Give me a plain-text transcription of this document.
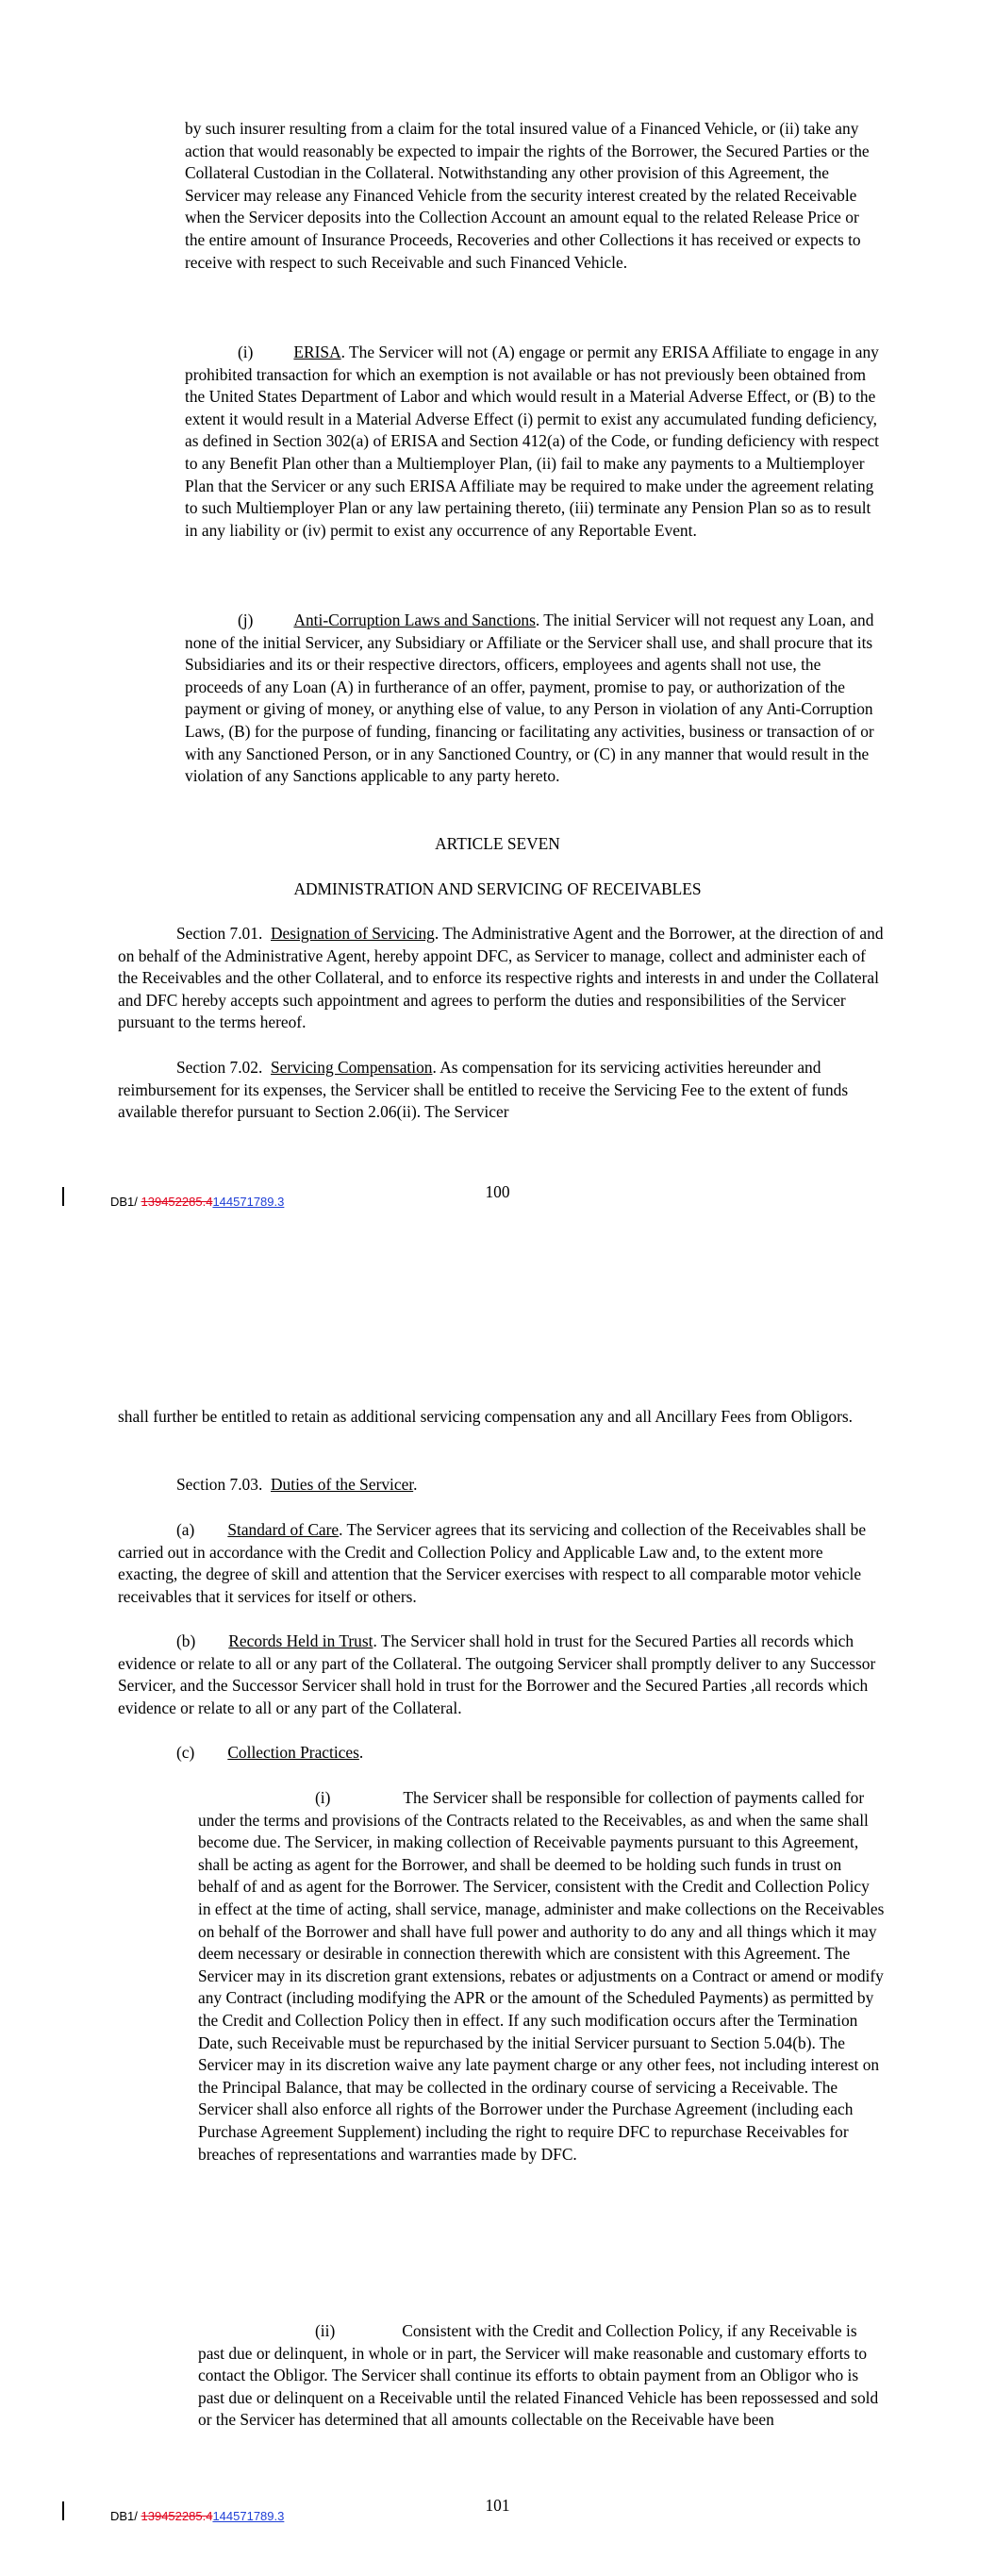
by such insurer resulting from a claim for the total insured value of a Financed Vehicle, or (ii) take any action that would reasonably be expected to impair the rights of the Borrower, the Secured Parties or the Collateral Custodian in the Collateral. Notwithstanding any other provision of this Agreement, the Servicer may release any Financed Vehicle from the security interest created by the related Receivable when the Servicer deposits into the Collection Account an amount equal to the related Release Price or the entire amount of Insurance Proceeds, Recoveries and other Collections it has received or expects to receive with respect to such Receivable and such Financed Vehicle.

(i) ERISA. The Servicer will not (A) engage or permit any ERISA Affiliate to engage in any prohibited transaction for which an exemption is not available or has not previously been obtained from the United States Department of Labor and which would result in a Material Adverse Effect, or (B) to the extent it would result in a Material Adverse Effect (i) permit to exist any accumulated funding deficiency, as defined in Section 302(a) of ERISA and Section 412(a) of the Code, or funding deficiency with respect to any Benefit Plan other than a Multiemployer Plan, (ii) fail to make any payments to a Multiemployer Plan that the Servicer or any such ERISA Affiliate may be required to make under the agreement relating to such Multiemployer Plan or any law pertaining thereto, (iii) terminate any Pension Plan so as to result in any liability or (iv) permit to exist any occurrence of any Reportable Event.

(j) Anti-Corruption Laws and Sanctions. The initial Servicer will not request any Loan, and none of the initial Servicer, any Subsidiary or Affiliate or the Servicer shall use, and shall procure that its Subsidiaries and its or their respective directors, officers, employees and agents shall not use, the proceeds of any Loan (A) in furtherance of an offer, payment, promise to pay, or authorization of the payment or giving of money, or anything else of value, to any Person in violation of any Anti-Corruption Laws, (B) for the purpose of funding, financing or facilitating any activities, business or transaction of or with any Sanctioned Person, or in any Sanctioned Country, or (C) in any manner that would result in the violation of any Sanctions applicable to any party hereto.

ARTICLE SEVEN

ADMINISTRATION AND SERVICING OF RECEIVABLES

Section 7.01. Designation of Servicing. The Administrative Agent and the Borrower, at the direction of and on behalf of the Administrative Agent, hereby appoint DFC, as Servicer to manage, collect and administer each of the Receivables and the other Collateral, and to enforce its respective rights and interests in and under the Collateral and DFC hereby accepts such appointment and agrees to perform the duties and responsibilities of the Servicer pursuant to the terms hereof.

Section 7.02. Servicing Compensation. As compensation for its servicing activities hereunder and reimbursement for its expenses, the Servicer shall be entitled to receive the Servicing Fee to the extent of funds available therefor pursuant to Section 2.06(ii). The Servicer

100
DB1/ 139452285.4144571789.3

shall further be entitled to retain as additional servicing compensation any and all Ancillary Fees from Obligors.

Section 7.03. Duties of the Servicer.

(a) Standard of Care. The Servicer agrees that its servicing and collection of the Receivables shall be carried out in accordance with the Credit and Collection Policy and Applicable Law and, to the extent more exacting, the degree of skill and attention that the Servicer exercises with respect to all comparable motor vehicle receivables that it services for itself or others.

(b) Records Held in Trust. The Servicer shall hold in trust for the Secured Parties all records which evidence or relate to all or any part of the Collateral. The outgoing Servicer shall promptly deliver to any Successor Servicer, and the Successor Servicer shall hold in trust for the Borrower and the Secured Parties ,all records which evidence or relate to all or any part of the Collateral.

(c) Collection Practices.

(i)	The Servicer shall be responsible for collection of payments called for under the terms and provisions of the Contracts related to the Receivables, as and when the same shall become due. The Servicer, in making collection of Receivable payments pursuant to this Agreement, shall be acting as agent for the Borrower, and shall be deemed to be holding such funds in trust on behalf of and as agent for the Borrower. The Servicer, consistent with the Credit and Collection Policy in effect at the time of acting, shall service, manage, administer and make collections on the Receivables on behalf of the Borrower and shall have full power and authority to do any and all things which it may deem necessary or desirable in connection therewith which are consistent with this Agreement. The Servicer may in its discretion grant extensions, rebates or adjustments on a Contract or amend or modify any Contract (including modifying the APR or the amount of the Scheduled Payments) as permitted by the Credit and Collection Policy then in effect. If any such modification occurs after the Termination Date, such Receivable must be repurchased by the initial Servicer pursuant to Section 5.04(b). The Servicer may in its discretion waive any late payment charge or any other fees, not including interest on the Principal Balance, that may be collected in the ordinary course of servicing a Receivable. The Servicer shall also enforce all rights of the Borrower under the Purchase Agreement (including each Purchase Agreement Supplement) including the right to require DFC to repurchase Receivables for breaches of representations and warranties made by DFC.

(ii)	Consistent with the Credit and Collection Policy, if any Receivable is past due or delinquent, in whole or in part, the Servicer will make reasonable and customary efforts to contact the Obligor. The Servicer shall continue its efforts to obtain payment from an Obligor who is past due or delinquent on a Receivable until the related Financed Vehicle has been repossessed and sold or the Servicer has determined that all amounts collectable on the Receivable have been

101
DB1/ 139452285.4144571789.3
